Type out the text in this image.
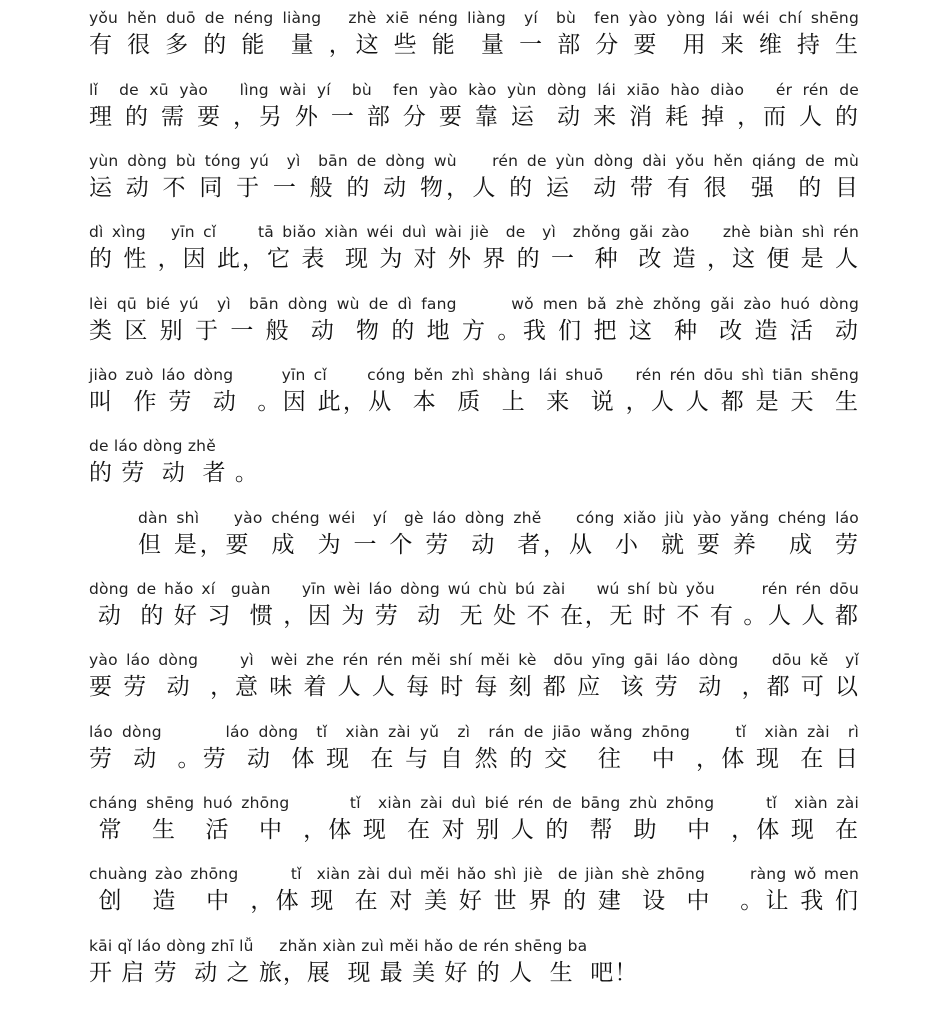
yǒu hěn duō de néng liàng   zhè xiē néng liàng  yí  bù  fen yào yòng lái wéi chí shēng
有 很 多 的 能  量 ，这 些 能  量 一 部 分 要  用 来 维 持 生
lǐ  de xū yào   lìng wài yí  bù  fen yào kào yùn dòng lái xiāo hào diào   ér rén de
理 的 需 要 ，另 外 一 部 分 要 靠 运  动 来 消 耗 掉 ，而 人 的
yùn dòng bù tóng yú  yì  bān de dòng wù    rén de yùn dòng dài yǒu hěn qiáng de mù
运 动 不 同 于 一 般 的 动 物，人 的 运  动 带 有 很  强  的 目
dì xìng   yīn cǐ     tā biǎo xiàn wéi duì wài jiè  de  yì  zhǒng gǎi zào    zhè biàn shì rén
的 性 ，因 此，它 表  现 为 对 外 界 的 一  种  改 造 ，这 便 是 人
lèi qū bié yú  yì  bān dòng wù de dì fang      wǒ men bǎ zhè zhǒng gǎi zào huó dòng
类 区 别 于 一 般  动  物 的 地 方 。我 们 把 这  种  改 造 活  动
jiào zuò láo dòng      yīn cǐ     cóng běn zhì shàng lái shuō    rén rén dōu shì tiān shēng
叫  作 劳  动  。因 此，从  本  质  上  来  说 ，人 人 都 是 天  生
de láo dòng zhě
的 劳  动  者 。
dàn shì    yào chéng wéi  yí  gè láo dòng zhě    cóng xiǎo jiù yào yǎng chéng láo
但 是，要  成  为 一 个 劳  动  者，从  小  就 要 养   成  劳
dòng de hǎo xí  guàn    yīn wèi láo dòng wú chù bú zài    wú shí bù yǒu      rén rén dōu
动  的 好 习  惯 ，因 为 劳  动  无 处 不 在，无 时 不 有 。人 人 都
yào láo dòng     yì  wèi zhe rén rén měi shí měi kè  dōu yīng gāi láo dòng    dōu kě  yǐ
要 劳  动  ，意 味 着 人 人 每 时 每 刻 都 应  该 劳  动  ，都 可 以
láo dòng       láo dòng  tǐ  xiàn zài yǔ  zì  rán de jiāo wǎng zhōng     tǐ  xiàn zài  rì
劳  动  。劳  动  体 现  在 与 自 然 的 交   往   中  ，体 现  在 日
cháng shēng huó zhōng       tǐ  xiàn zài duì bié rén de bāng zhù zhōng      tǐ  xiàn zài
常   生   活   中  ，体 现  在 对 别 人 的  帮  助   中  ，体 现  在
chuàng zào zhōng       tǐ  xiàn zài duì měi hǎo shì jiè  de jiàn shè zhōng      ràng wǒ men
创   造   中  ，体 现  在 对 美 好 世 界 的 建  设  中   。让 我 们
kāi qǐ láo dòng zhī lǚ     zhǎn xiàn zuì měi hǎo de rén shēng ba
开 启 劳  动 之 旅，展  现 最 美 好 的 人  生  吧！
